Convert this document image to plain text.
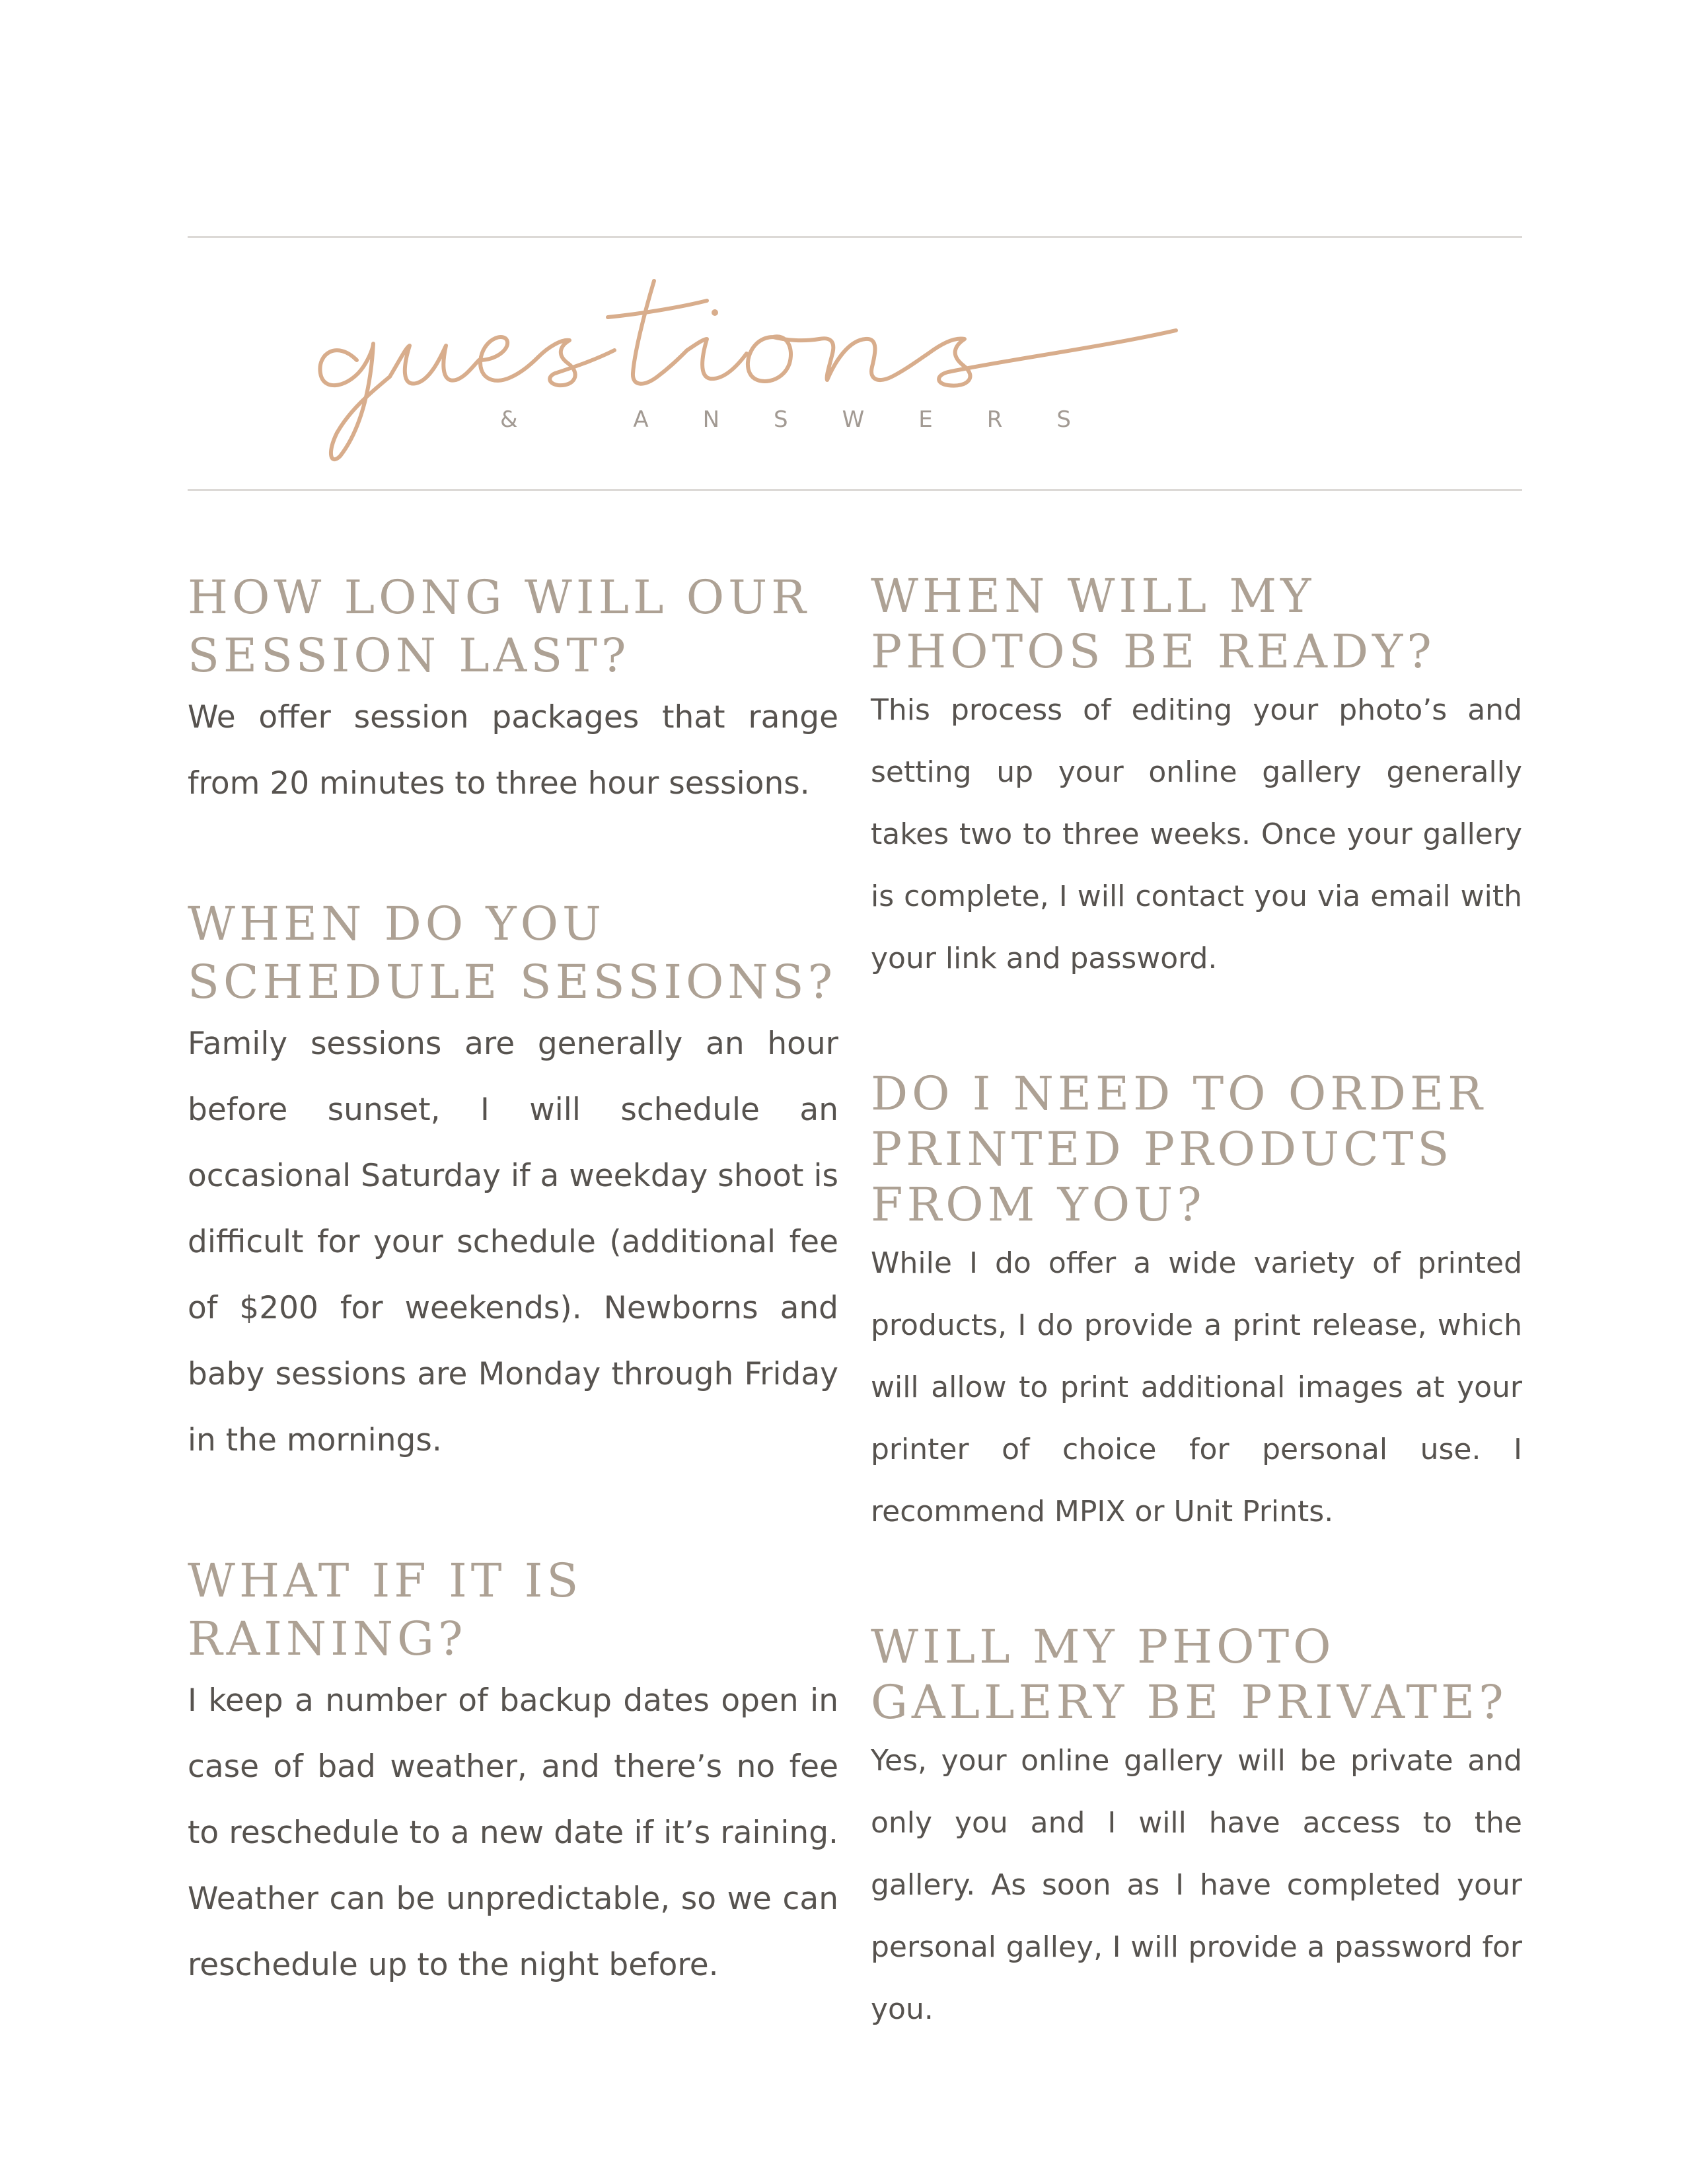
& ANSWERS
HOW LONG WILL OUR SESSION LAST?

We offer session packages that range from 20 minutes to three hour sessions.

WHEN DO YOU SCHEDULE SESSIONS?

Family sessions are generally an hour before sunset, I will schedule an occasional Saturday if a weekday shoot is difficult for your schedule (additional fee of $200 for weekends). Newborns and baby sessions are Monday through Friday in the mornings.

WHAT IF IT IS RAINING?

I keep a number of backup dates open in case of bad weather, and there’s no fee to reschedule to a new date if it’s raining. Weather can be unpredictable, so we can reschedule up to the night before.

WHEN WILL MY PHOTOS BE READY?

This process of editing your photo’s and setting up your online gallery generally takes two to three weeks. Once your gallery is complete, I will contact you via email with your link and password.

DO I NEED TO ORDER PRINTED PRODUCTS FROM YOU?

While I do offer a wide variety of printed products, I do provide a print release, which will allow to print additional images at your printer of choice for personal use. I recommend MPIX or Unit Prints.

WILL MY PHOTO GALLERY BE PRIVATE?

Yes, your online gallery will be private and only you and I will have access to the gallery. As soon as I have completed your personal galley, I will provide a password for you.
